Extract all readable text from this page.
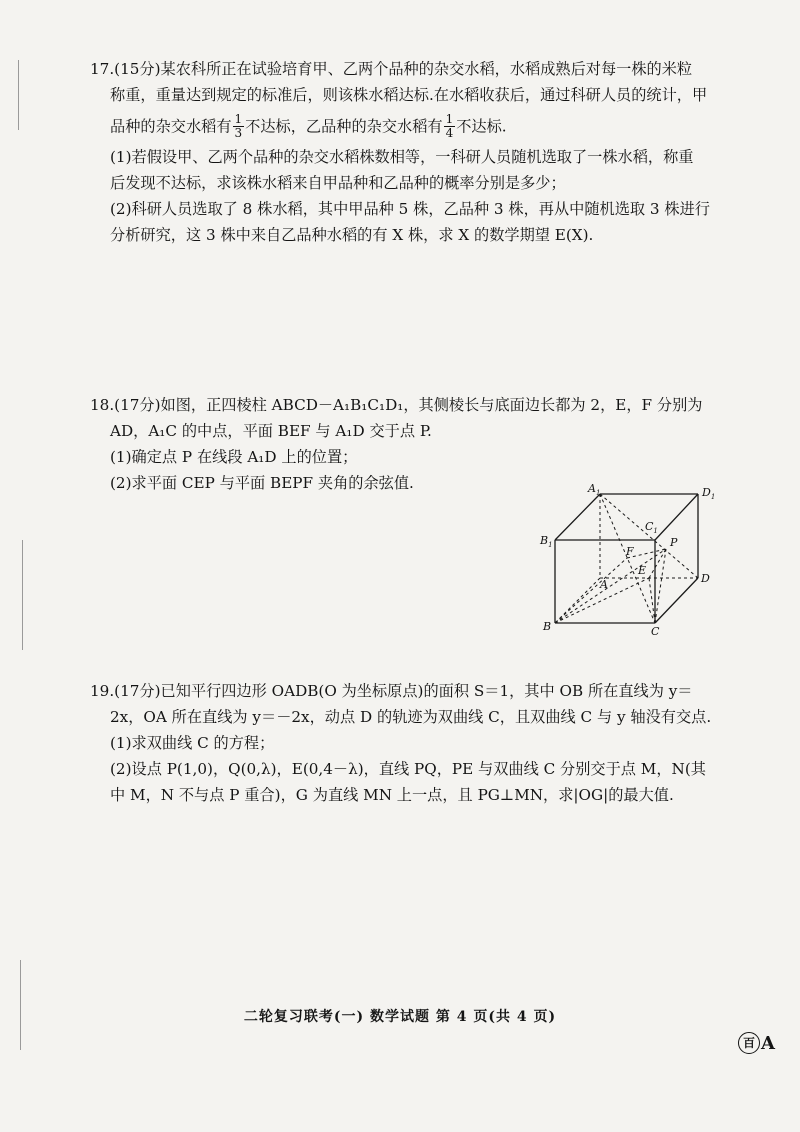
17.(15分)某农科所正在试验培育甲、乙两个品种的杂交水稻，水稻成熟后对每一株的米粒
称重，重量达到规定的标准后，则该株水稻达标.在水稻收获后，通过科研人员的统计，甲
品种的杂交水稻有 $\frac{1}{3}$ 不达标，乙品种的杂交水稻有 $\frac{1}{4}$ 不达标.
(1)若假设甲、乙两个品种的杂交水稻株数相等，一科研人员随机选取了一株水稻，称重
后发现不达标，求该株水稻来自甲品种和乙品种的概率分别是多少；
(2)科研人员选取了 8 株水稻，其中甲品种 5 株，乙品种 3 株，再从中随机选取 3 株进行
分析研究，这 3 株中来自乙品种水稻的有 X 株，求 X 的数学期望 E(X).
18.(17分)如图，正四棱柱 ABCD－A₁B₁C₁D₁，其侧棱长与底面边长都为 2，E，F 分别为
AD，A₁C 的中点，平面 BEF 与 A₁D 交于点 P.
(1)确定点 P 在线段 A₁D 上的位置；
(2)求平面 CEP 与平面 BEPF 夹角的余弦值.	$A_1$	$D_1$
$C_1$
$B_1$	F
P
E
A	D
B	C
19.(17分)已知平行四边形 OADB(O 为坐标原点)的面积 S＝1，其中 OB 所在直线为 y＝
2x，OA 所在直线为 y＝－2x，动点 D 的轨迹为双曲线 C，且双曲线 C 与 y 轴没有交点.
(1)求双曲线 C 的方程；
(2)设点 P(1,0)，Q(0,λ)，E(0,4－λ)，直线 PQ，PE 与双曲线 C 分别交于点 M，N(其
中 M，N 不与点 P 重合)，G 为直线 MN 上一点，且 PG⊥MN，求|OG|的最大值.
二轮复习联考(一) 数学试题 第 4 页(共 4 页)
百 A
